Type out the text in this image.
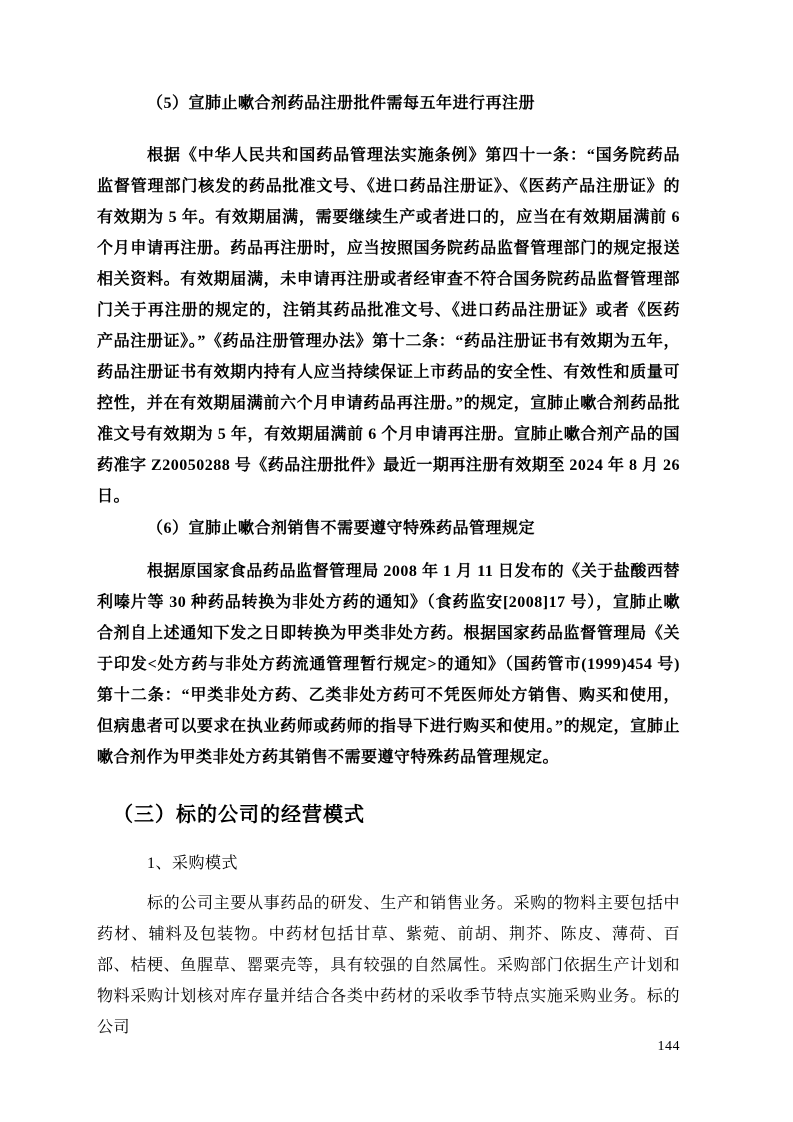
（5）宣肺止嗽合剂药品注册批件需每五年进行再注册
根据《中华人民共和国药品管理法实施条例》第四十一条：“国务院药品监督管理部门核发的药品批准文号、《进口药品注册证》、《医药产品注册证》的有效期为 5 年。有效期届满，需要继续生产或者进口的，应当在有效期届满前 6 个月申请再注册。药品再注册时，应当按照国务院药品监督管理部门的规定报送相关资料。有效期届满，未申请再注册或者经审查不符合国务院药品监督管理部门关于再注册的规定的，注销其药品批准文号、《进口药品注册证》或者《医药产品注册证》。”《药品注册管理办法》第十二条：“药品注册证书有效期为五年，药品注册证书有效期内持有人应当持续保证上市药品的安全性、有效性和质量可控性，并在有效期届满前六个月申请药品再注册。”的规定，宣肺止嗽合剂药品批准文号有效期为 5 年，有效期届满前 6 个月申请再注册。宣肺止嗽合剂产品的国药准字 Z20050288 号《药品注册批件》最近一期再注册有效期至 2024 年 8 月 26 日。
（6）宣肺止嗽合剂销售不需要遵守特殊药品管理规定
根据原国家食品药品监督管理局 2008 年 1 月 11 日发布的《关于盐酸西替利嗪片等 30 种药品转换为非处方药的通知》（食药监安[2008]17 号），宣肺止嗽合剂自上述通知下发之日即转换为甲类非处方药。根据国家药品监督管理局《关于印发<处方药与非处方药流通管理暂行规定>的通知》（国药管市(1999)454 号)第十二条：“甲类非处方药、乙类非处方药可不凭医师处方销售、购买和使用，但病患者可以要求在执业药师或药师的指导下进行购买和使用。”的规定，宣肺止嗽合剂作为甲类非处方药其销售不需要遵守特殊药品管理规定。
（三）标的公司的经营模式
1、采购模式
标的公司主要从事药品的研发、生产和销售业务。采购的物料主要包括中药材、辅料及包装物。中药材包括甘草、紫菀、前胡、荆芥、陈皮、薄荷、百部、桔梗、鱼腥草、罂粟壳等，具有较强的自然属性。采购部门依据生产计划和物料采购计划核对库存量并结合各类中药材的采收季节特点实施采购业务。标的公司
144
